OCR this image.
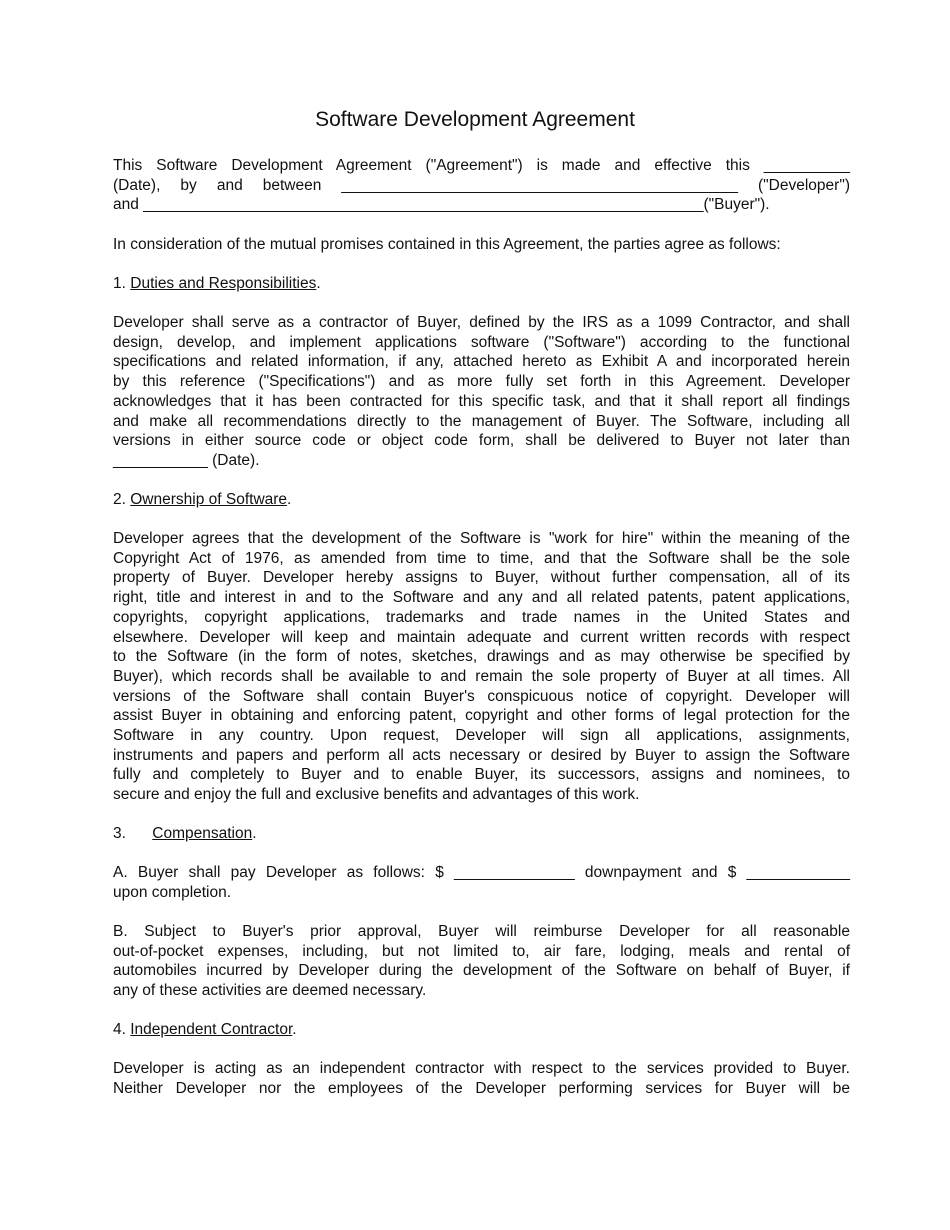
Software Development Agreement
This Software Development Agreement ("Agreement") is made and effective this __________
(Date), by and between ______________________________________________ ("Developer")
and _________________________________________________________________("Buyer").
In consideration of the mutual promises contained in this Agreement, the parties agree as follows:
1. Duties and Responsibilities.
Developer shall serve as a contractor of Buyer, defined by the IRS as a 1099 Contractor, and shall
design, develop, and implement applications software ("Software") according to the functional
specifications and related information, if any, attached hereto as Exhibit A and incorporated herein
by this reference ("Specifications") and as more fully set forth in this Agreement. Developer
acknowledges that it has been contracted for this specific task, and that it shall report all findings
and make all recommendations directly to the management of Buyer. The Software, including all
versions in either source code or object code form, shall be delivered to Buyer not later than
___________ (Date).
2. Ownership of Software.
Developer agrees that the development of the Software is "work for hire" within the meaning of the
Copyright Act of 1976, as amended from time to time, and that the Software shall be the sole
property of Buyer. Developer hereby assigns to Buyer, without further compensation, all of its
right, title and interest in and to the Software and any and all related patents, patent applications,
copyrights, copyright applications, trademarks and trade names in the United States and
elsewhere. Developer will keep and maintain adequate and current written records with respect
to the Software (in the form of notes, sketches, drawings and as may otherwise be specified by
Buyer), which records shall be available to and remain the sole property of Buyer at all times. All
versions of the Software shall contain Buyer's conspicuous notice of copyright. Developer will
assist Buyer in obtaining and enforcing patent, copyright and other forms of legal protection for the
Software in any country. Upon request, Developer will sign all applications, assignments,
instruments and papers and perform all acts necessary or desired by Buyer to assign the Software
fully and completely to Buyer and to enable Buyer, its successors, assigns and nominees, to
secure and enjoy the full and exclusive benefits and advantages of this work.
3. Compensation.
A. Buyer shall pay Developer as follows: $ ______________ downpayment and $ ____________
upon completion.
B. Subject to Buyer's prior approval, Buyer will reimburse Developer for all reasonable
out-of-pocket expenses, including, but not limited to, air fare, lodging, meals and rental of
automobiles incurred by Developer during the development of the Software on behalf of Buyer, if
any of these activities are deemed necessary.
4. Independent Contractor.
Developer is acting as an independent contractor with respect to the services provided to Buyer.
Neither Developer nor the employees of the Developer performing services for Buyer will be
